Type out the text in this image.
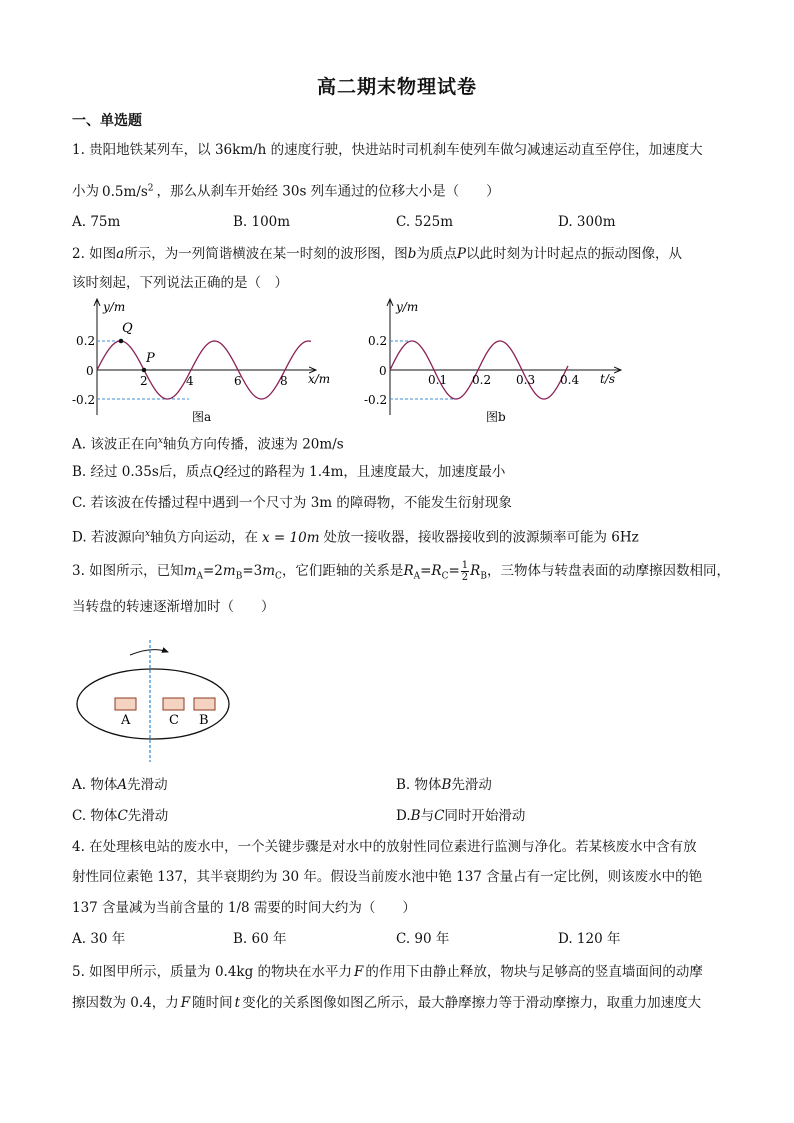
高二期末物理试卷
一、单选题
1. 贵阳地铁某列车，以 36km/h 的速度行驶，快进站时司机刹车使列车做匀减速运动直至停住，加速度大
小为 $0.5m/s^2$ ，那么从刹车开始经 30s 列车通过的位移大小是（　　）
A. 75m	B. 100m	C. 525m	D. 300m
2. 如图a所示，为一列简谐横波在某一时刻的波形图，图b为质点P以此时刻为计时起点的振动图像，从
该时刻起，下列说法正确的是（　）
y/m
x/m
0.2
0
-0.2
Q
P
2	4	6	8
图a
y/m
t/s
0.2
0
-0.2
0.1 0.2 0.3 0.4
图b
A. 该波正在向$^x$轴负方向传播，波速为 20m/s
B. 经过 0.35s后，质点Q经过的路程为 1.4m，且速度最大，加速度最小
C. 若该波在传播过程中遇到一个尺寸为 3m 的障碍物，不能发生衍射现象
D. 若波源向$^x$轴负方向运动，在 x = 10m 处放一接收器，接收器接收到的波源频率可能为 6Hz
3. 如图所示，已知$m_A=2m_B=3m_C$，它们距轴的关系是$R_A=R_C= \frac{1}{2} R_B$，三物体与转盘表面的动摩擦因数相同，
当转盘的转速逐渐增加时（　　）
A	C B
A. 物体A先滑动	B. 物体B先滑动
C. 物体C先滑动	D.B与C同时开始滑动
4. 在处理核电站的废水中，一个关键步骤是对水中的放射性同位素进行监测与净化。若某核废水中含有放
射性同位素铯 137，其半衰期约为 30 年。假设当前废水池中铯 137 含量占有一定比例，则该废水中的铯
137 含量减为当前含量的 1/8 需要的时间大约为（　　）
A. 30 年	B. 60 年	C. 90 年	D. 120 年
5. 如图甲所示，质量为 0.4kg 的物块在水平力 F 的作用下由静止释放，物块与足够高的竖直墙面间的动摩
擦因数为 0.4，力 F 随时间 t 变化的关系图像如图乙所示，最大静摩擦力等于滑动摩擦力，取重力加速度大
